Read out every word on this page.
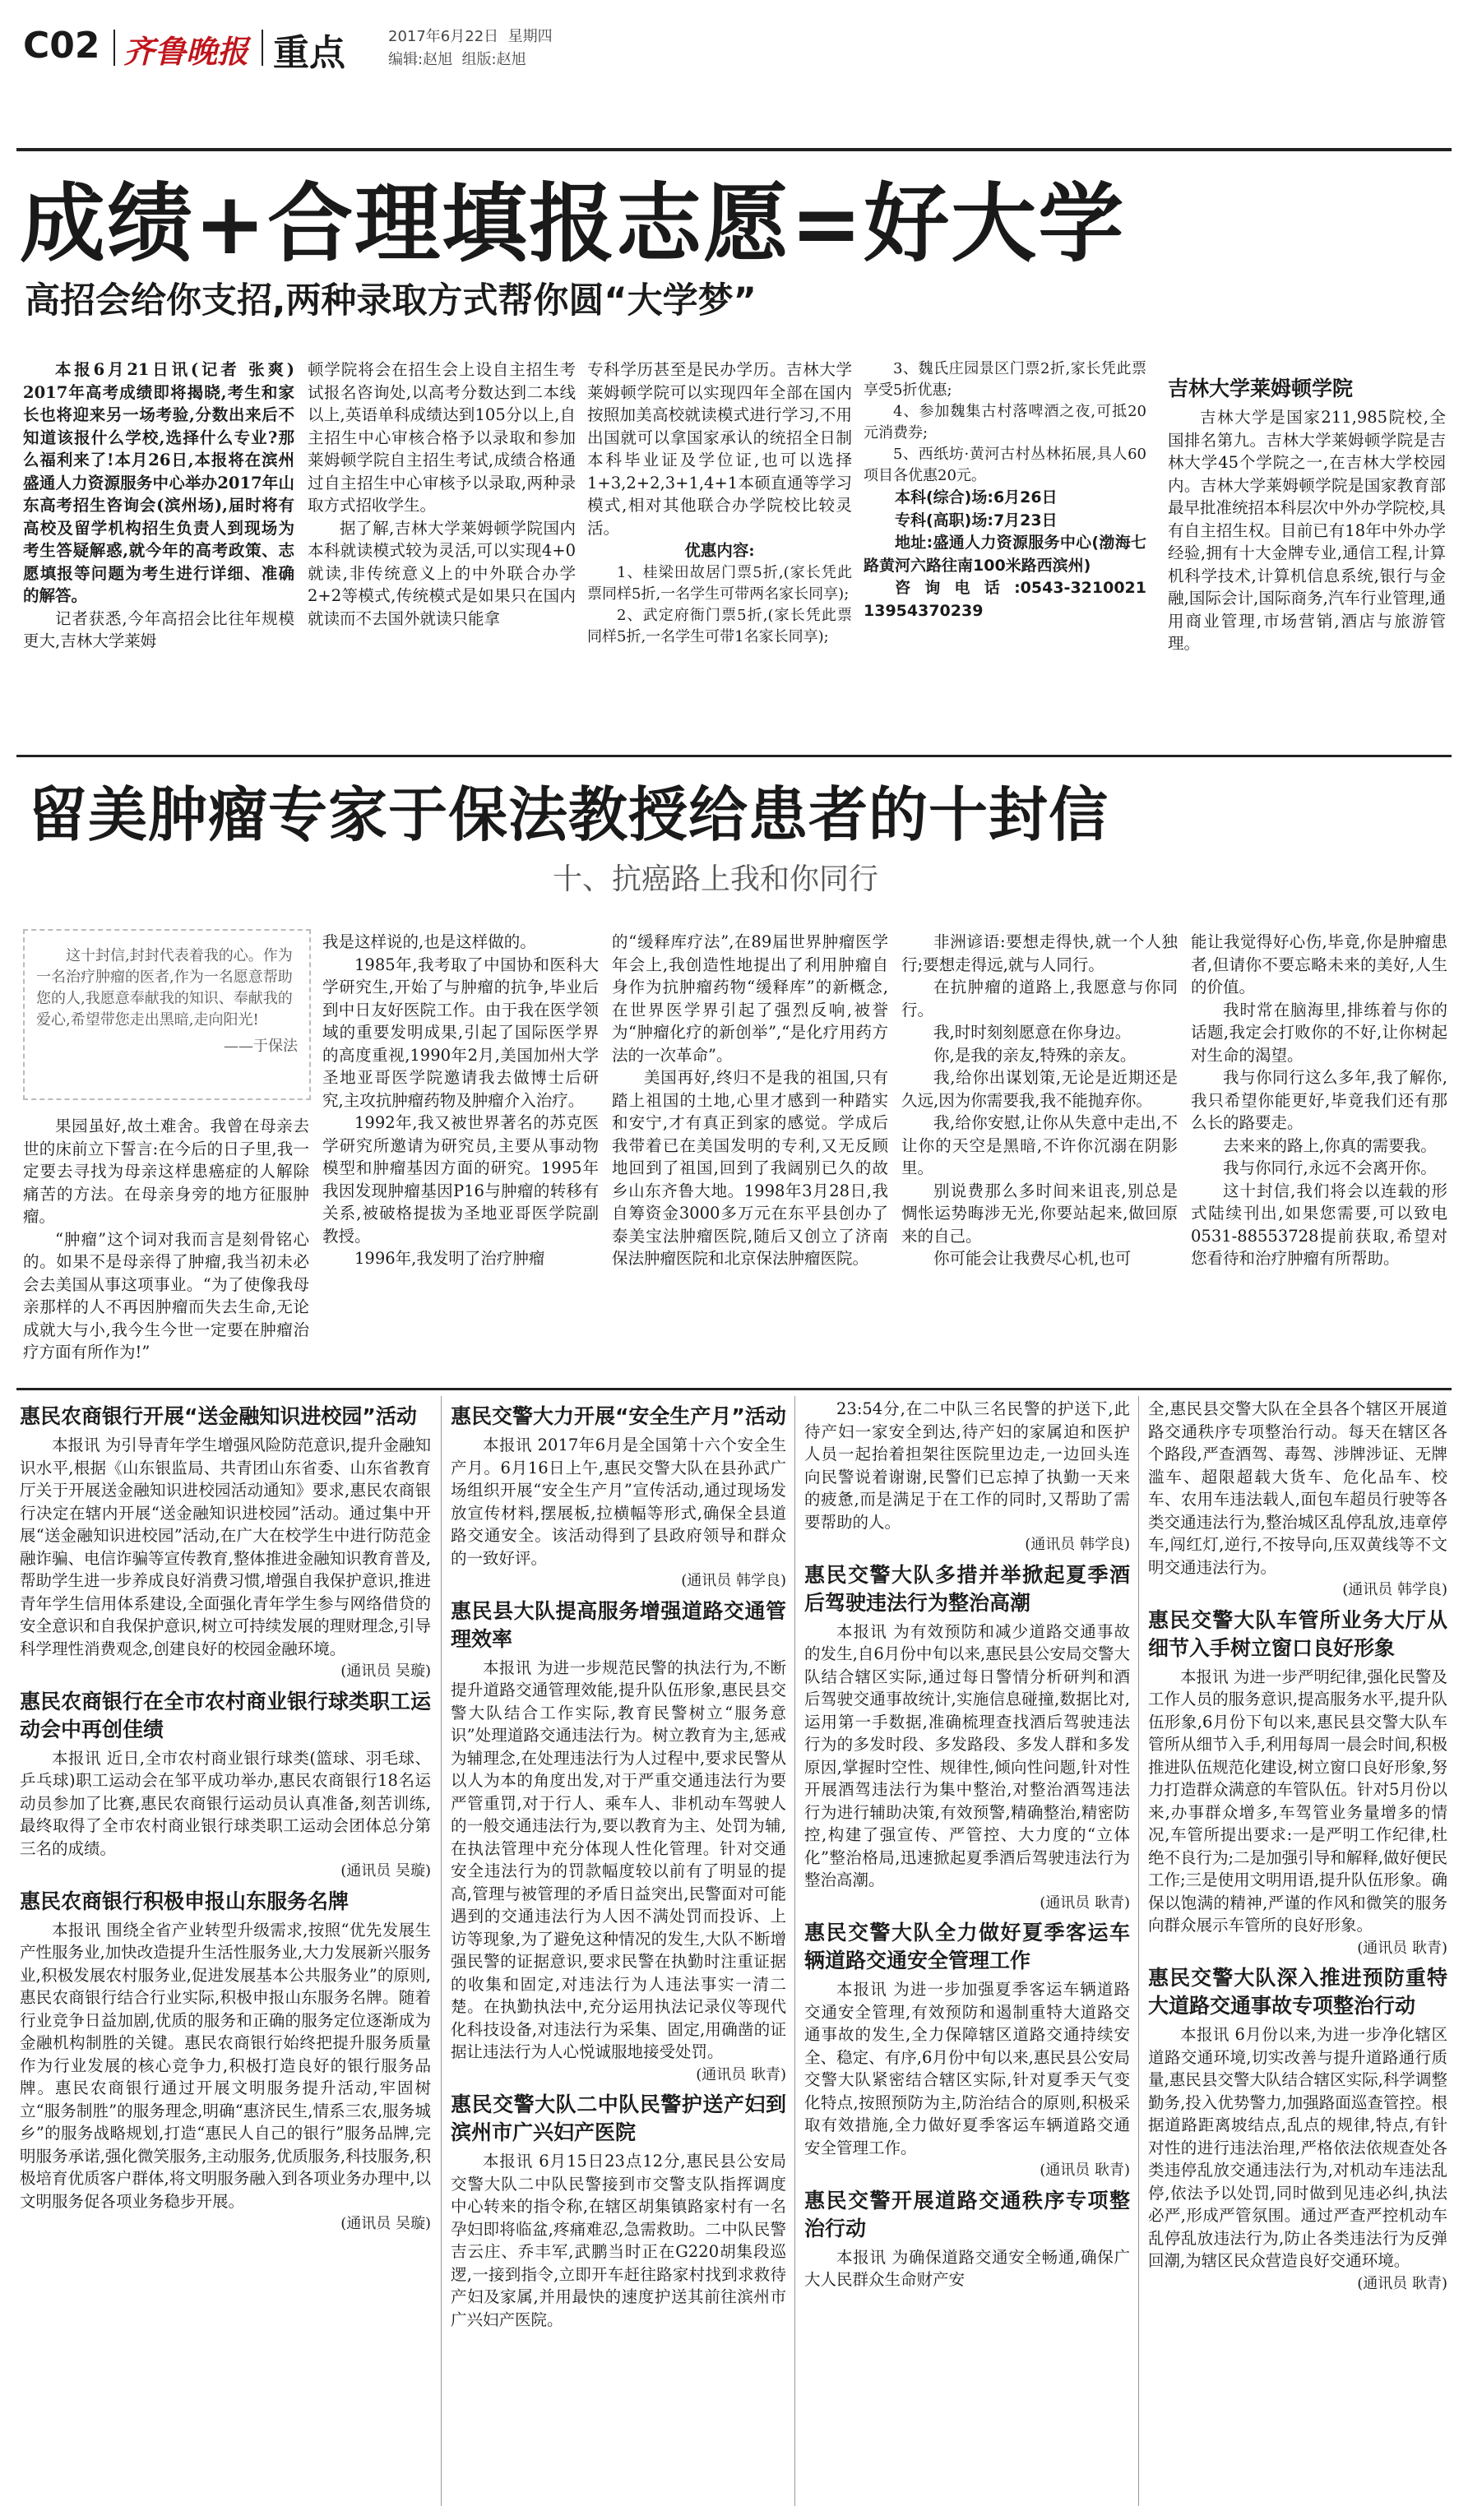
C02 齐鲁晚报 重点	2017年6月22日 星期四
编辑:赵旭 组版:赵旭
成绩+合理填报志愿=好大学
高招会给你支招,两种录取方式帮你圆“大学梦”

本报6月21日讯(记者 张爽) 2017年高考成绩即将揭晓,考生和家长也将迎来另一场考验,分数出来后不知道该报什么学校,选择什么专业?那么福利来了!本月26日,本报将在滨州盛通人力资源服务中心举办2017年山东高考招生咨询会(滨州场),届时将有高校及留学机构招生负责人到现场为考生答疑解惑,就今年的高考政策、志愿填报等问题为考生进行详细、准确的解答。

记者获悉,今年高招会比往年规模更大,吉林大学莱姆

顿学院将会在招生会上设自主招生考试报名咨询处,以高考分数达到二本线以上,英语单科成绩达到105分以上,自主招生中心审核合格予以录取和参加莱姆顿学院自主招生考试,成绩合格通过自主招生中心审核予以录取,两种录取方式招收学生。

据了解,吉林大学莱姆顿学院国内本科就读模式较为灵活,可以实现4+0就读,非传统意义上的中外联合办学2+2等模式,传统模式是如果只在国内就读而不去国外就读只能拿

专科学历甚至是民办学历。吉林大学莱姆顿学院可以实现四年全部在国内按照加美高校就读模式进行学习,不用出国就可以拿国家承认的统招全日制本科毕业证及学位证,也可以选择1+3,2+2,3+1,4+1本硕直通等学习模式,相对其他联合办学院校比较灵活。

优惠内容:

1、桂梁田故居门票5折,(家长凭此票同样5折,一名学生可带两名家长同享);

2、武定府衙门票5折,(家长凭此票同样5折,一名学生可带1名家长同享);

3、魏氏庄园景区门票2折,家长凭此票享受5折优惠;

4、参加魏集古村落啤酒之夜,可抵20元消费券;

5、西纸坊·黄河古村丛林拓展,具人60项目各优惠20元。

本科(综合)场:6月26日

专科(高职)场:7月23日

地址:盛通人力资源服务中心(渤海七路黄河六路往南100米路西滨州)

咨询电话:0543-3210021 13954370239

吉林大学莱姆顿学院

吉林大学是国家211,985院校,全国排名第九。吉林大学莱姆顿学院是吉林大学45个学院之一,在吉林大学校园内。吉林大学莱姆顿学院是国家教育部最早批准统招本科层次中外办学院校,具有自主招生权。目前已有18年中外办学经验,拥有十大金牌专业,通信工程,计算机科学技术,计算机信息系统,银行与金融,国际会计,国际商务,汽车行业管理,通用商业管理,市场营销,酒店与旅游管理。

留美肿瘤专家于保法教授给患者的十封信
十、抗癌路上我和你同行
这十封信,封封代表着我的心。作为一名治疗肿瘤的医者,作为一名愿意帮助您的人,我愿意奉献我的知识、奉献我的爱心,希望带您走出黑暗,走向阳光!
——于保法

果园虽好,故土难舍。我曾在母亲去世的床前立下誓言:在今后的日子里,我一定要去寻找为母亲这样患癌症的人解除痛苦的方法。在母亲身旁的地方征服肿瘤。

“肿瘤”这个词对我而言是刻骨铭心的。如果不是母亲得了肿瘤,我当初未必会去美国从事这项事业。“为了使像我母亲那样的人不再因肿瘤而失去生命,无论成就大与小,我今生今世一定要在肿瘤治疗方面有所作为!”

我是这样说的,也是这样做的。

1985年,我考取了中国协和医科大学研究生,开始了与肿瘤的抗争,毕业后到中日友好医院工作。由于我在医学领域的重要发明成果,引起了国际医学界的高度重视,1990年2月,美国加州大学圣地亚哥医学院邀请我去做博士后研究,主攻抗肿瘤药物及肿瘤介入治疗。

1992年,我又被世界著名的苏克医学研究所邀请为研究员,主要从事动物模型和肿瘤基因方面的研究。1995年我因发现肿瘤基因P16与肿瘤的转移有关系,被破格提拔为圣地亚哥医学院副教授。

1996年,我发明了治疗肿瘤

的“缓释库疗法”,在89届世界肿瘤医学年会上,我创造性地提出了利用肿瘤自身作为抗肿瘤药物“缓释库”的新概念,在世界医学界引起了强烈反响,被誉为“肿瘤化疗的新创举”,“是化疗用药方法的一次革命”。

美国再好,终归不是我的祖国,只有踏上祖国的土地,心里才感到一种踏实和安宁,才有真正到家的感觉。学成后我带着已在美国发明的专利,又无反顾地回到了祖国,回到了我阔别已久的故乡山东齐鲁大地。1998年3月28日,我自筹资金3000多万元在东平县创办了泰美宝法肿瘤医院,随后又创立了济南保法肿瘤医院和北京保法肿瘤医院。

非洲谚语:要想走得快,就一个人独行;要想走得远,就与人同行。

在抗肿瘤的道路上,我愿意与你同行。

我,时时刻刻愿意在你身边。

你,是我的亲友,特殊的亲友。

我,给你出谋划策,无论是近期还是久远,因为你需要我,我不能抛弃你。

我,给你安慰,让你从失意中走出,不让你的天空是黑暗,不许你沉溺在阴影里。

别说费那么多时间来诅丧,别总是惆怅运势晦涉无光,你要站起来,做回原来的自己。

你可能会让我费尽心机,也可

能让我觉得好心伤,毕竟,你是肿瘤患者,但请你不要忘略未来的美好,人生的价值。

我时常在脑海里,排练着与你的话题,我定会打败你的不好,让你树起对生命的渴望。

我与你同行这么多年,我了解你,我只希望你能更好,毕竟我们还有那么长的路要走。

去来来的路上,你真的需要我。

我与你同行,永远不会离开你。

这十封信,我们将会以连载的形式陆续刊出,如果您需要,可以致电0531-88553728提前获取,希望对您看待和治疗肿瘤有所帮助。

惠民农商银行开展“送金融知识进校园”活动

本报讯 为引导青年学生增强风险防范意识,提升金融知识水平,根据《山东银监局、共青团山东省委、山东省教育厅关于开展送金融知识进校园活动通知》要求,惠民农商银行决定在辖内开展“送金融知识进校园”活动。通过集中开展“送金融知识进校园”活动,在广大在校学生中进行防范金融诈骗、电信诈骗等宣传教育,整体推进金融知识教育普及,帮助学生进一步养成良好消费习惯,增强自我保护意识,推进青年学生信用体系建设,全面强化青年学生参与网络借贷的安全意识和自我保护意识,树立可持续发展的理财理念,引导科学理性消费观念,创建良好的校园金融环境。

(通讯员 吴璇)

惠民农商银行在全市农村商业银行球类职工运动会中再创佳绩

本报讯 近日,全市农村商业银行球类(篮球、羽毛球、乒乓球)职工运动会在邹平成功举办,惠民农商银行18名运动员参加了比赛,惠民农商银行运动员认真准备,刻苦训练,最终取得了全市农村商业银行球类职工运动会团体总分第三名的成绩。

(通讯员 吴璇)

惠民农商银行积极申报山东服务名牌

本报讯 围绕全省产业转型升级需求,按照“优先发展生产性服务业,加快改造提升生活性服务业,大力发展新兴服务业,积极发展农村服务业,促进发展基本公共服务业”的原则,惠民农商银行结合行业实际,积极申报山东服务名牌。随着行业竞争日益加剧,优质的服务和正确的服务定位逐渐成为金融机构制胜的关键。惠民农商银行始终把提升服务质量作为行业发展的核心竞争力,积极打造良好的银行服务品牌。惠民农商银行通过开展文明服务提升活动,牢固树立“服务制胜”的服务理念,明确“惠济民生,情系三农,服务城乡”的服务战略规划,打造“惠民人自己的银行”服务品牌,完明服务承诺,强化微笑服务,主动服务,优质服务,科技服务,积极培育优质客户群体,将文明服务融入到各项业务办理中,以文明服务促各项业务稳步开展。

(通讯员 吴璇)

惠民交警大力开展“安全生产月”活动

本报讯 2017年6月是全国第十六个安全生产月。6月16日上午,惠民交警大队在县孙武广场组织开展“安全生产月”宣传活动,通过现场发放宣传材料,摆展板,拉横幅等形式,确保全县道路交通安全。该活动得到了县政府领导和群众的一致好评。

(通讯员 韩学良)

惠民县大队提高服务增强道路交通管理效率

本报讯 为进一步规范民警的执法行为,不断提升道路交通管理效能,提升队伍形象,惠民县交警大队结合工作实际,教育民警树立“服务意识”处理道路交通违法行为。树立教育为主,惩戒为辅理念,在处理违法行为人过程中,要求民警从以人为本的角度出发,对于严重交通违法行为要严管重罚,对于行人、乘车人、非机动车驾驶人的一般交通违法行为,要以教育为主、处罚为辅,在执法管理中充分体现人性化管理。针对交通安全违法行为的罚款幅度较以前有了明显的提高,管理与被管理的矛盾日益突出,民警面对可能遇到的交通违法行为人因不满处罚而投诉、上访等现象,为了避免这种情况的发生,大队不断增强民警的证据意识,要求民警在执勤时注重证据的收集和固定,对违法行为人违法事实一清二楚。在执勤执法中,充分运用执法记录仪等现代化科技设备,对违法行为采集、固定,用确凿的证据让违法行为人心悦诚服地接受处罚。

(通讯员 耿青)

惠民交警大队二中队民警护送产妇到滨州市广兴妇产医院

本报讯 6月15日23点12分,惠民县公安局交警大队二中队民警接到市交警支队指挥调度中心转来的指令称,在辖区胡集镇路家村有一名孕妇即将临盆,疼痛难忍,急需救助。二中队民警吉云庄、乔丰军,武鹏当时正在G220胡集段巡逻,一接到指令,立即开车赶往路家村找到求救待产妇及家属,并用最快的速度护送其前往滨州市广兴妇产医院。

23:54分,在二中队三名民警的护送下,此待产妇一家安全到达,待产妇的家属迫和医护人员一起抬着担架往医院里边走,一边回头连向民警说着谢谢,民警们已忘掉了执勤一天来的疲惫,而是满足于在工作的同时,又帮助了需要帮助的人。

(通讯员 韩学良)

惠民交警大队多措并举掀起夏季酒后驾驶违法行为整治高潮

本报讯 为有效预防和减少道路交通事故的发生,自6月份中旬以来,惠民县公安局交警大队结合辖区实际,通过每日警情分析研判和酒后驾驶交通事故统计,实施信息碰撞,数据比对,运用第一手数据,准确梳理查找酒后驾驶违法行为的多发时段、多发路段、多发人群和多发原因,掌握时空性、规律性,倾向性问题,针对性开展酒驾违法行为集中整治,对整治酒驾违法行为进行辅助决策,有效预警,精确整治,精密防控,构建了强宣传、严管控、大力度的“立体化”整治格局,迅速掀起夏季酒后驾驶违法行为整治高潮。

(通讯员 耿青)

惠民交警大队全力做好夏季客运车辆道路交通安全管理工作

本报讯 为进一步加强夏季客运车辆道路交通安全管理,有效预防和遏制重特大道路交通事故的发生,全力保障辖区道路交通持续安全、稳定、有序,6月份中旬以来,惠民县公安局交警大队紧密结合辖区实际,针对夏季天气变化特点,按照预防为主,防治结合的原则,积极采取有效措施,全力做好夏季客运车辆道路交通安全管理工作。

(通讯员 耿青)

惠民交警开展道路交通秩序专项整治行动

本报讯 为确保道路交通安全畅通,确保广大人民群众生命财产安

全,惠民县交警大队在全县各个辖区开展道路交通秩序专项整治行动。每天在辖区各个路段,严查酒驾、毒驾、涉牌涉证、无牌滥车、超限超载大货车、危化品车、校车、农用车违法载人,面包车超员行驶等各类交通违法行为,整治城区乱停乱放,违章停车,闯红灯,逆行,不按导向,压双黄线等不文明交通违法行为。

(通讯员 韩学良)

惠民交警大队车管所业务大厅从细节入手树立窗口良好形象

本报讯 为进一步严明纪律,强化民警及工作人员的服务意识,提高服务水平,提升队伍形象,6月份下旬以来,惠民县交警大队车管所从细节入手,利用每周一晨会时间,积极推进队伍规范化建设,树立窗口良好形象,努力打造群众满意的车管队伍。针对5月份以来,办事群众增多,车驾管业务量增多的情况,车管所提出要求:一是严明工作纪律,杜绝不良行为;二是加强引导和解释,做好便民工作;三是使用文明用语,提升队伍形象。确保以饱满的精神,严谨的作风和微笑的服务向群众展示车管所的良好形象。

(通讯员 耿青)

惠民交警大队深入推进预防重特大道路交通事故专项整治行动

本报讯 6月份以来,为进一步净化辖区道路交通环境,切实改善与提升道路通行质量,惠民县交警大队结合辖区实际,科学调整勤务,投入优势警力,加强路面巡查管控。根据道路距离坡结点,乱点的规律,特点,有针对性的进行违法治理,严格依法依规查处各类违停乱放交通违法行为,对机动车违法乱停,依法予以处罚,同时做到见违必纠,执法必严,形成严管氛围。通过严查严控机动车乱停乱放违法行为,防止各类违法行为反弹回潮,为辖区民众营造良好交通环境。

(通讯员 耿青)
